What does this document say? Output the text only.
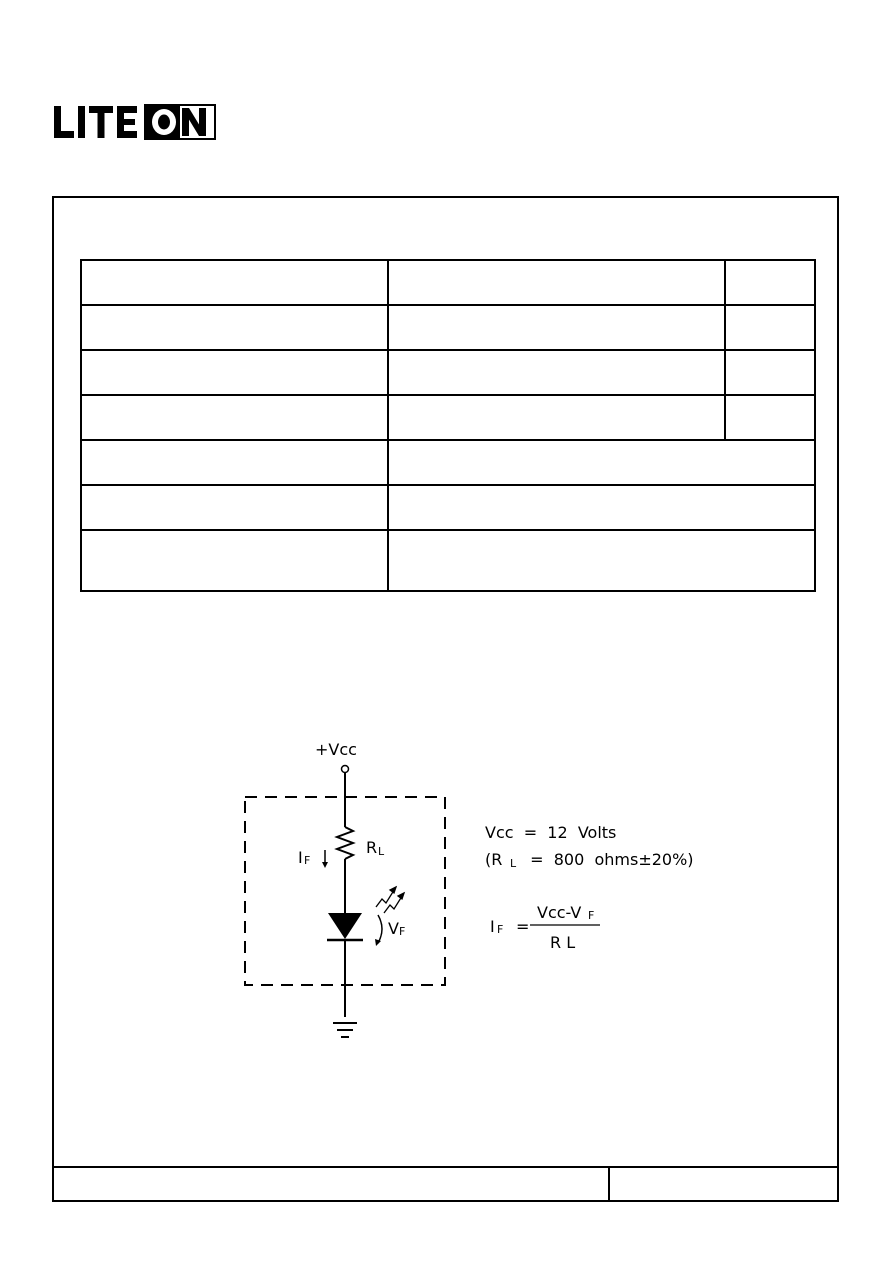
LITEON
+Vcc
R L
I F
V F
Vcc  =  12  Volts
(R L =  800  ohms±20%)
I F =
Vcc-V F
R L
